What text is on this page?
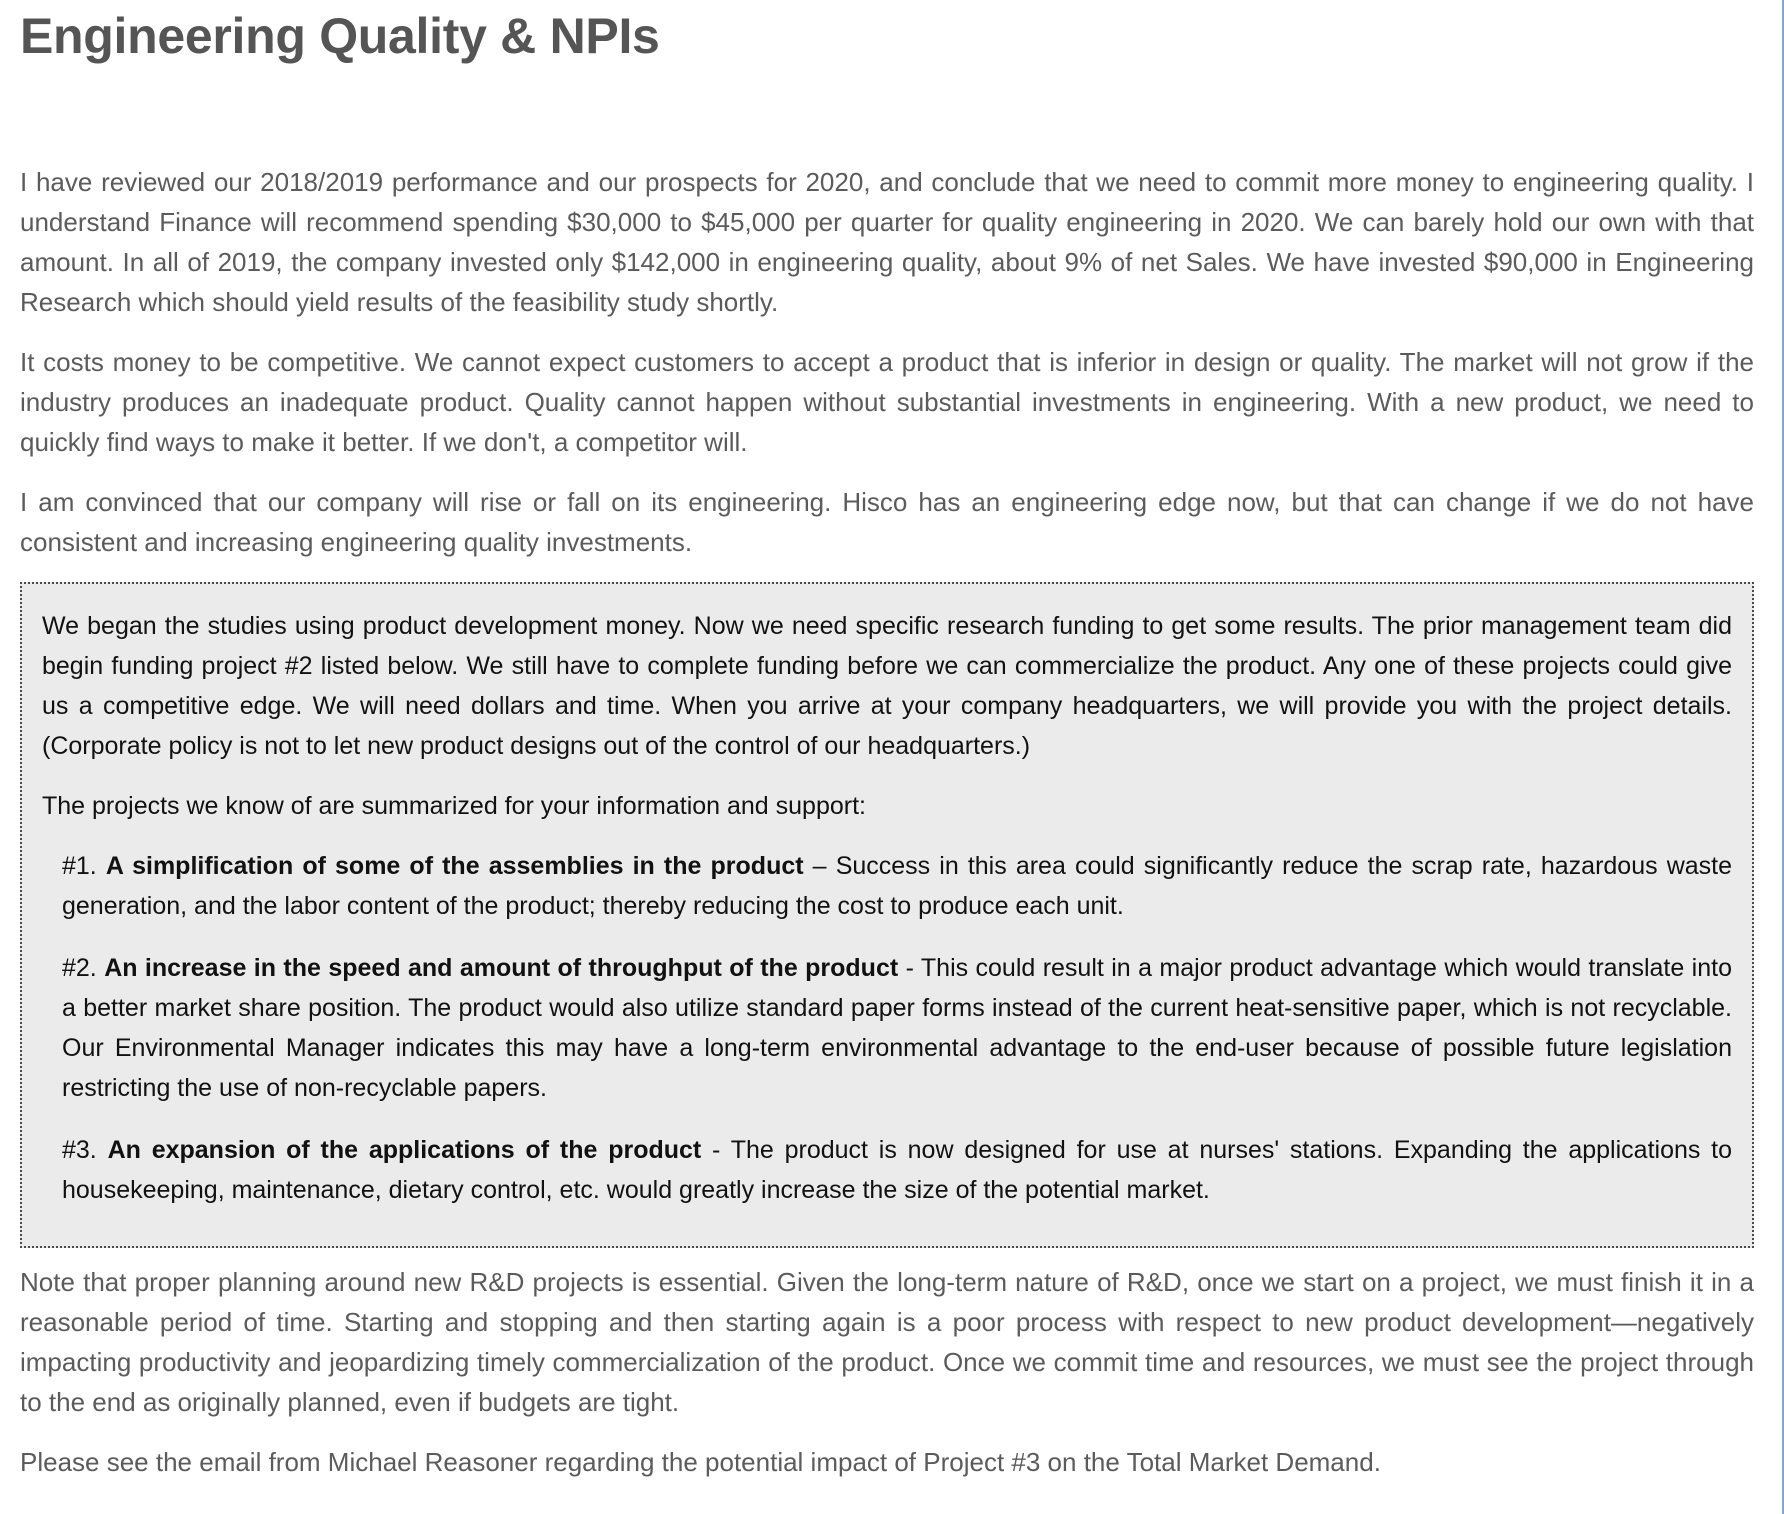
Engineering Quality & NPIs

I have reviewed our 2018/2019 performance and our prospects for 2020, and conclude that we need to commit more money to engineering quality. I understand Finance will recommend spending $30,000 to $45,000 per quarter for quality engineering in 2020. We can barely hold our own with that amount. In all of 2019, the company invested only $142,000 in engineering quality, about 9% of net Sales. We have invested $90,000 in Engineering Research which should yield results of the feasibility study shortly.

It costs money to be competitive. We cannot expect customers to accept a product that is inferior in design or quality. The market will not grow if the industry produces an inadequate product. Quality cannot happen without substantial investments in engineering. With a new product, we need to quickly find ways to make it better. If we don't, a competitor will.

I am convinced that our company will rise or fall on its engineering. Hisco has an engineering edge now, but that can change if we do not have consistent and increasing engineering quality investments.

We began the studies using product development money. Now we need specific research funding to get some results. The prior management team did begin funding project #2 listed below. We still have to complete funding before we can commercialize the product. Any one of these projects could give us a competitive edge. We will need dollars and time. When you arrive at your company headquarters, we will provide you with the project details. (Corporate policy is not to let new product designs out of the control of our headquarters.)

The projects we know of are summarized for your information and support:

#1. A simplification of some of the assemblies in the product – Success in this area could significantly reduce the scrap rate, hazardous waste generation, and the labor content of the product; thereby reducing the cost to produce each unit.

#2. An increase in the speed and amount of throughput of the product - This could result in a major product advantage which would translate into a better market share position. The product would also utilize standard paper forms instead of the current heat-sensitive paper, which is not recyclable. Our Environmental Manager indicates this may have a long-term environmental advantage to the end-user because of possible future legislation restricting the use of non-recyclable papers.

#3. An expansion of the applications of the product - The product is now designed for use at nurses' stations. Expanding the applications to housekeeping, maintenance, dietary control, etc. would greatly increase the size of the potential market.

Note that proper planning around new R&D projects is essential. Given the long-term nature of R&D, once we start on a project, we must finish it in a reasonable period of time. Starting and stopping and then starting again is a poor process with respect to new product development—negatively impacting productivity and jeopardizing timely commercialization of the product. Once we commit time and resources, we must see the project through to the end as originally planned, even if budgets are tight.

Please see the email from Michael Reasoner regarding the potential impact of Project #3 on the Total Market Demand.
